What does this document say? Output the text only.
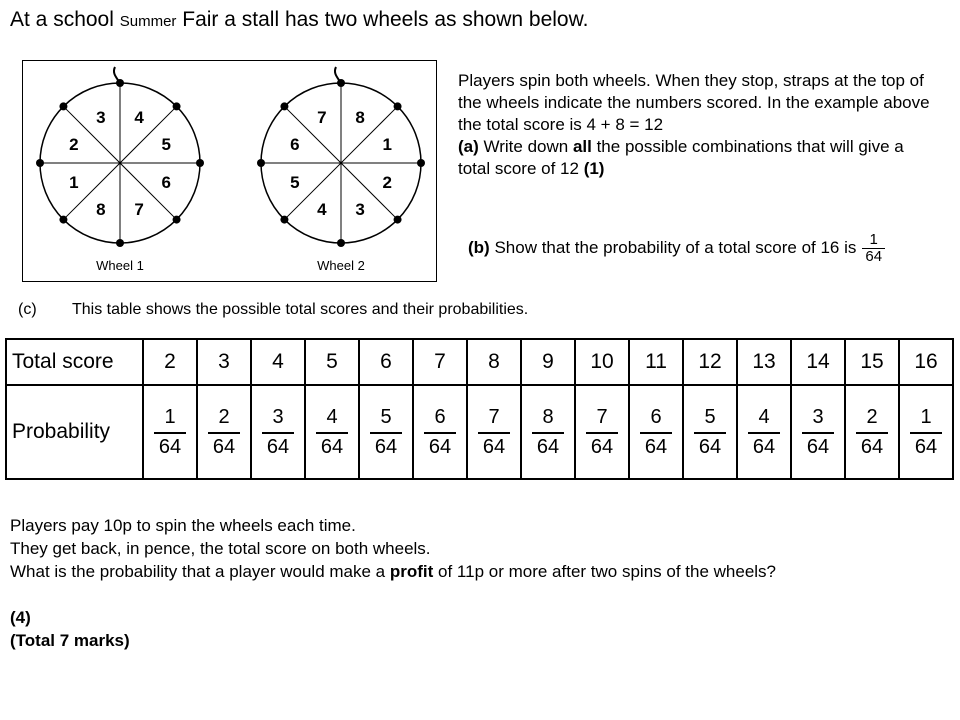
At a school Summer Fair a stall has two wheels as shown below.
4
5
6
7
8
1
2
3
Wheel 1
8
1
2
3
4
5
6
7
Wheel 2

Players spin both wheels. When they stop, straps at the top of the wheels indicate the numbers scored. In the example above the total score is 4 + 8 = 12

(a) Write down all the possible combinations that will give a total score of 12 (1)

(b) Show that the probability of a total score of 16 is $\frac{1}{64}$
(c) This table shows the possible total scores and their probabilities.
Total score	2	3	4	5	6	7	8	9	10	11	12	13	14	15	16
Probability	$\frac{1}{64}$	$\frac{2}{64}$	$\frac{3}{64}$	$\frac{4}{64}$	$\frac{5}{64}$	$\frac{6}{64}$	$\frac{7}{64}$	$\frac{8}{64}$	$\frac{7}{64}$	$\frac{6}{64}$	$\frac{5}{64}$	$\frac{4}{64}$	$\frac{3}{64}$	$\frac{2}{64}$	$\frac{1}{64}$

Players pay 10p to spin the wheels each time.

They get back, in pence, the total score on both wheels.

What is the probability that a player would make a profit of 11p or more after two spins of the wheels?

(4)

(Total 7 marks)
